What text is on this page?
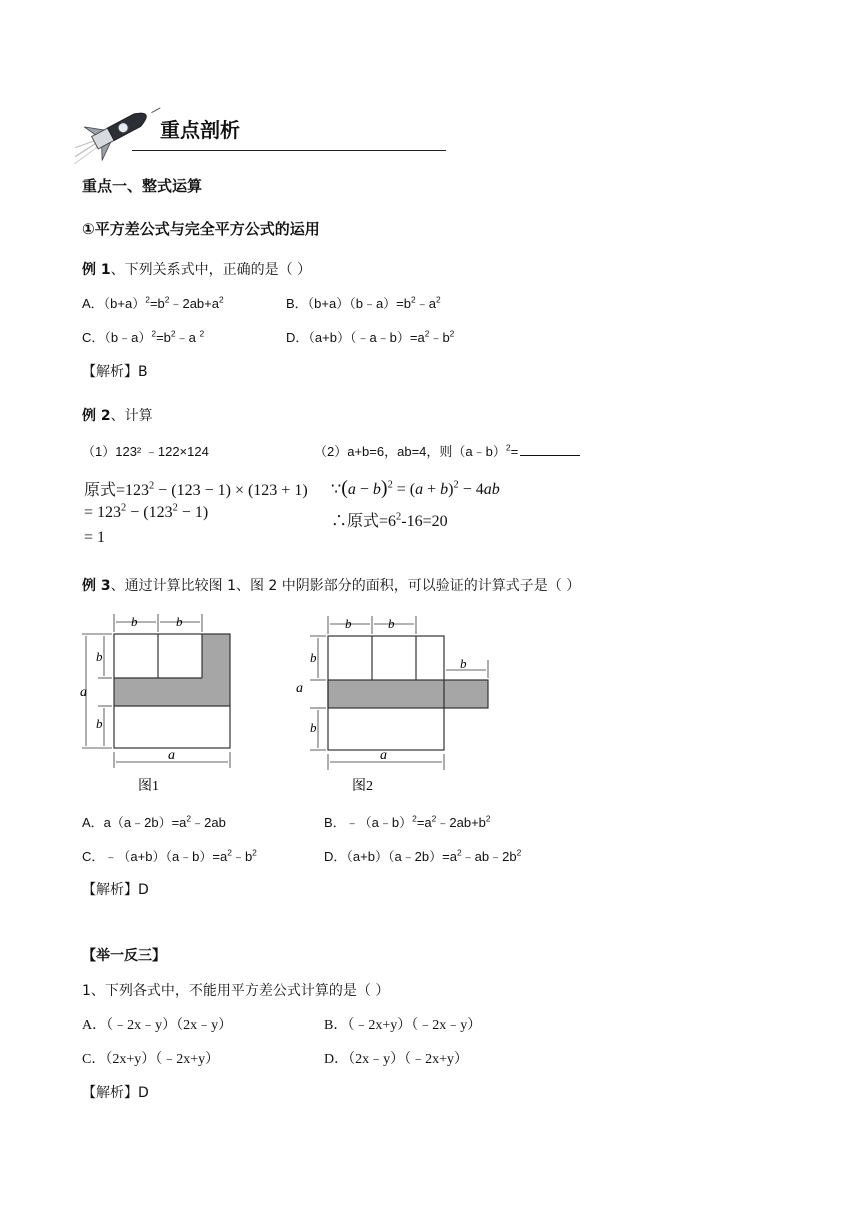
重点剖析
重点一、整式运算
①平方差公式与完全平方公式的运用
例 1、下列关系式中，正确的是（ ）
A．$(b+a)^2=b^2﹣2ab+a^2$	B．$(b+a)(b﹣a)=b^2﹣a^2$
C．$(b﹣a)^2=b^2﹣a$ $^2$	D．$(a+b)(﹣a﹣b)=a^2﹣b^2$
【解析】B
例 2、计算
（1）123² ﹣122×124	（2）a+b=6，ab=4，则（a﹣b）$^2$=
原式$=123^2 - (123 - 1) \times (123 + 1)$
= $123^2 - (123^2 - 1)$
= 1
∵(a − $b)^2 = (a + b)^2 - 4ab$
∴原式$=6^2-16=20$
例 3、通过计算比较图 1、图 2 中阴影部分的面积，可以验证的计算式子是（ ）
b	b
a
b
b
a
图1
b	b
b
b
b
a
a
图2
A．$a(a﹣2b)=a^2﹣2ab$	B．$﹣(a﹣b)^2=a^2﹣2ab+b^2$
C．$﹣(a+b)(a﹣b)=a^2﹣b^2$	D．$(a+b)(a﹣2b)=a^2﹣ab﹣2b^2$
【解析】D
【举一反三】
1、下列各式中，不能用平方差公式计算的是（ ）
A．（﹣2x﹣y）（2x﹣y）	B．（﹣2x+y）（﹣2x﹣y）
C．（2x+y）（﹣2x+y）	D．（2x﹣y）（﹣2x+y）
【解析】D
